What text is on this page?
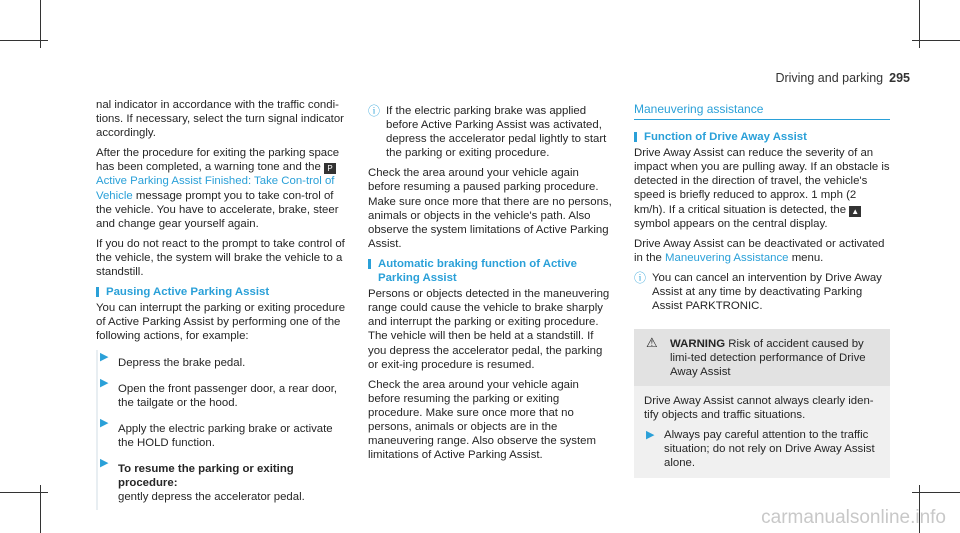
Driving and parking 295

nal indicator in accordance with the traffic condi-tions. If necessary, select the turn signal indicator accordingly.

After the procedure for exiting the parking space has been completed, a warning tone and the P Active Parking Assist Finished: Take Con-trol of Vehicle message prompt you to take con-trol of the vehicle. You have to accelerate, brake, steer and change gear yourself again.

If you do not react to the prompt to take control of the vehicle, the system will brake the vehicle to a standstill.

Pausing Active Parking Assist

You can interrupt the parking or exiting procedure of Active Parking Assist by performing one of the following actions, for example:

▶ Depress the brake pedal.
▶ Open the front passenger door, a rear door, the tailgate or the hood.
▶ Apply the electric parking brake or activate the HOLD function.
▶ To resume the parking or exiting procedure:
gently depress the accelerator pedal.

ⓘ If the electric parking brake was applied before Active Parking Assist was activated, depress the accelerator pedal lightly to start the parking or exiting procedure.

Check the area around your vehicle again before resuming a paused parking procedure. Make sure once more that there are no persons, animals or objects in the vehicle's path. Also observe the system limitations of Active Parking Assist.

Automatic braking function of Active Parking Assist

Persons or objects detected in the maneuvering range could cause the vehicle to brake sharply and interrupt the parking or exiting procedure. The vehicle will then be held at a standstill. If you depress the accelerator pedal, the parking or exit-ing procedure is resumed.

Check the area around your vehicle again before resuming the parking or exiting procedure. Make sure once more that no persons, animals or objects are in the maneuvering range. Also observe the system limitations of Active Parking Assist.

Maneuvering assistance
Function of Drive Away Assist

Drive Away Assist can reduce the severity of an impact when you are pulling away. If an obstacle is detected in the direction of travel, the vehicle's speed is briefly reduced to approx. 1 mph (2 km/h). If a critical situation is detected, the ▲ symbol appears on the central display.

Drive Away Assist can be deactivated or activated in the Maneuvering Assistance menu.

ⓘ You can cancel an intervention by Drive Away Assist at any time by deactivating Parking Assist PARKTRONIC.

⚠	WARNING Risk of accident caused by limi-ted detection performance of Drive Away Assist

Drive Away Assist cannot always clearly iden-tify objects and traffic situations.

▶ Always pay careful attention to the traffic situation; do not rely on Drive Away Assist alone.
carmanualsonline.info
